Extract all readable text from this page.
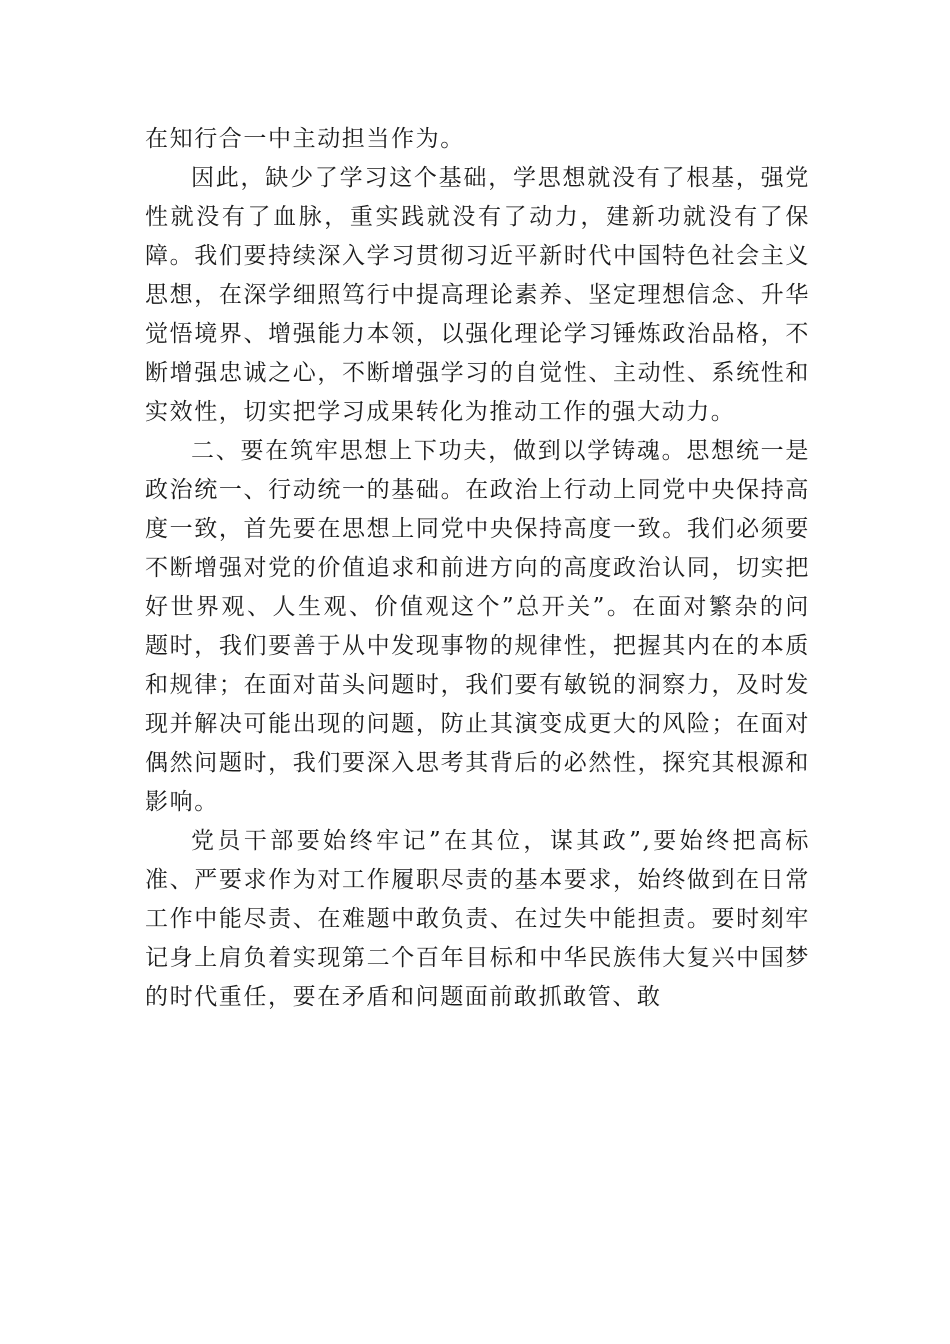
在知行合一中主动担当作为。

因此，缺少了学习这个基础，学思想就没有了根基，强党性就没有了血脉，重实践就没有了动力，建新功就没有了保障。我们要持续深入学习贯彻习近平新时代中国特色社会主义思想，在深学细照笃行中提高理论素养、坚定理想信念、升华觉悟境界、增强能力本领，以强化理论学习锤炼政治品格，不断增强忠诚之心，不断增强学习的自觉性、主动性、系统性和实效性，切实把学习成果转化为推动工作的强大动力。

二、要在筑牢思想上下功夫，做到以学铸魂。思想统一是政治统一、行动统一的基础。在政治上行动上同党中央保持高度一致，首先要在思想上同党中央保持高度一致。我们必须要不断增强对党的价值追求和前进方向的高度政治认同，切实把好世界观、人生观、价值观这个”总开关”。在面对繁杂的问题时，我们要善于从中发现事物的规律性，把握其内在的本质和规律；在面对苗头问题时，我们要有敏锐的洞察力，及时发现并解决可能出现的问题，防止其演变成更大的风险；在面对偶然问题时，我们要深入思考其背后的必然性，探究其根源和影响。

党员干部要始终牢记”在其位，谋其政”,要始终把高标准、严要求作为对工作履职尽责的基本要求，始终做到在日常工作中能尽责、在难题中敢负责、在过失中能担责。要时刻牢记身上肩负着实现第二个百年目标和中华民族伟大复兴中国梦的时代重任，要在矛盾和问题面前敢抓敢管、敢
